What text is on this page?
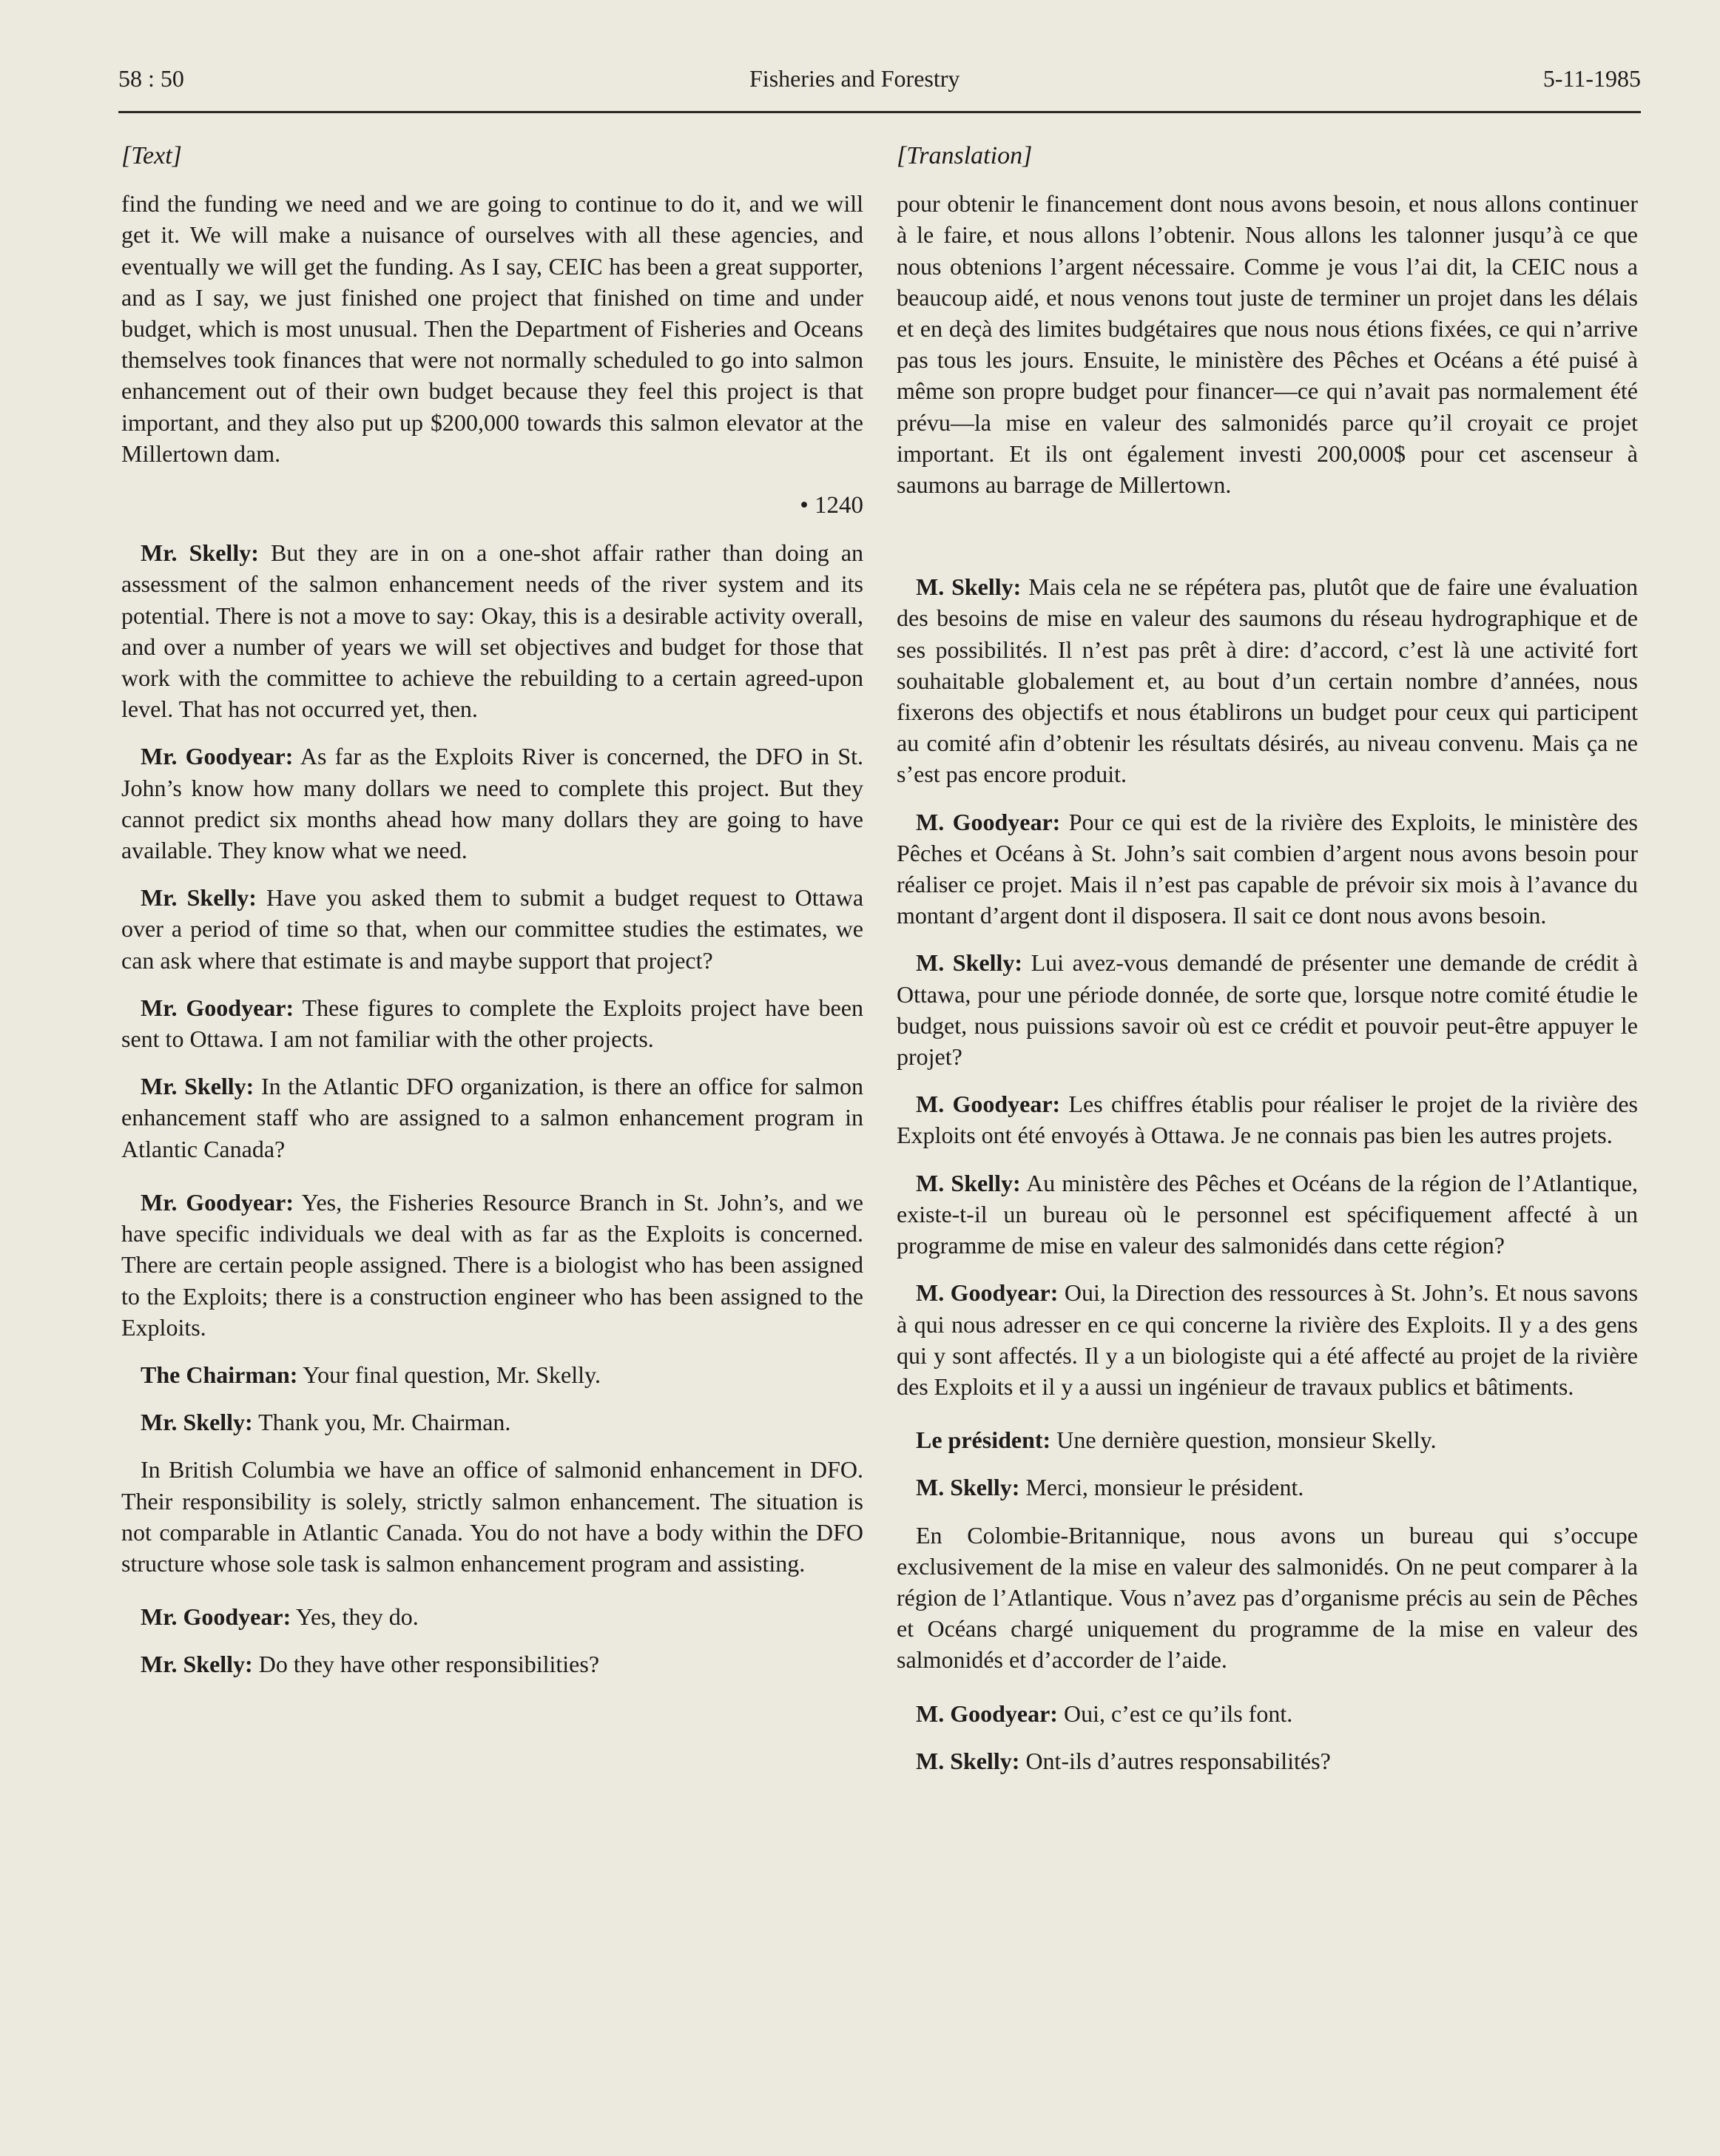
58 : 50	Fisheries and Forestry	5-11-1985

[Text]

find the funding we need and we are going to continue to do it, and we will get it. We will make a nuisance of ourselves with all these agencies, and eventually we will get the funding. As I say, CEIC has been a great supporter, and as I say, we just finished one project that finished on time and under budget, which is most unusual. Then the Department of Fisheries and Oceans themselves took finances that were not normally scheduled to go into salmon enhancement out of their own budget because they feel this project is that important, and they also put up $200,000 towards this salmon elevator at the Millertown dam.

• 1240

Mr. Skelly: But they are in on a one-shot affair rather than doing an assessment of the salmon enhancement needs of the river system and its potential. There is not a move to say: Okay, this is a desirable activity overall, and over a number of years we will set objectives and budget for those that work with the committee to achieve the rebuilding to a certain agreed-upon level. That has not occurred yet, then.

Mr. Goodyear: As far as the Exploits River is concerned, the DFO in St. John’s know how many dollars we need to complete this project. But they cannot predict six months ahead how many dollars they are going to have available. They know what we need.

Mr. Skelly: Have you asked them to submit a budget request to Ottawa over a period of time so that, when our committee studies the estimates, we can ask where that estimate is and maybe support that project?

Mr. Goodyear: These figures to complete the Exploits project have been sent to Ottawa. I am not familiar with the other projects.

Mr. Skelly: In the Atlantic DFO organization, is there an office for salmon enhancement staff who are assigned to a salmon enhancement program in Atlantic Canada?

Mr. Goodyear: Yes, the Fisheries Resource Branch in St. John’s, and we have specific individuals we deal with as far as the Exploits is concerned. There are certain people assigned. There is a biologist who has been assigned to the Exploits; there is a construction engineer who has been assigned to the Exploits.

The Chairman: Your final question, Mr. Skelly.

Mr. Skelly: Thank you, Mr. Chairman.

In British Columbia we have an office of salmonid enhancement in DFO. Their responsibility is solely, strictly salmon enhancement. The situation is not comparable in Atlantic Canada. You do not have a body within the DFO structure whose sole task is salmon enhancement program and assisting.

Mr. Goodyear: Yes, they do.

Mr. Skelly: Do they have other responsibilities?

[Translation]

pour obtenir le financement dont nous avons besoin, et nous allons continuer à le faire, et nous allons l’obtenir. Nous allons les talonner jusqu’à ce que nous obtenions l’argent nécessaire. Comme je vous l’ai dit, la CEIC nous a beaucoup aidé, et nous venons tout juste de terminer un projet dans les délais et en deçà des limites budgétaires que nous nous étions fixées, ce qui n’arrive pas tous les jours. Ensuite, le ministère des Pêches et Océans a été puisé à même son propre budget pour financer—ce qui n’avait pas normalement été prévu—la mise en valeur des salmonidés parce qu’il croyait ce projet important. Et ils ont également investi 200,000$ pour cet ascenseur à saumons au barrage de Millertown.

M. Skelly: Mais cela ne se répétera pas, plutôt que de faire une évaluation des besoins de mise en valeur des saumons du réseau hydrographique et de ses possibilités. Il n’est pas prêt à dire: d’accord, c’est là une activité fort souhaitable globalement et, au bout d’un certain nombre d’années, nous fixerons des objectifs et nous établirons un budget pour ceux qui participent au comité afin d’obtenir les résultats désirés, au niveau convenu. Mais ça ne s’est pas encore produit.

M. Goodyear: Pour ce qui est de la rivière des Exploits, le ministère des Pêches et Océans à St. John’s sait combien d’argent nous avons besoin pour réaliser ce projet. Mais il n’est pas capable de prévoir six mois à l’avance du montant d’argent dont il disposera. Il sait ce dont nous avons besoin.

M. Skelly: Lui avez-vous demandé de présenter une demande de crédit à Ottawa, pour une période donnée, de sorte que, lorsque notre comité étudie le budget, nous puissions savoir où est ce crédit et pouvoir peut-être appuyer le projet?

M. Goodyear: Les chiffres établis pour réaliser le projet de la rivière des Exploits ont été envoyés à Ottawa. Je ne connais pas bien les autres projets.

M. Skelly: Au ministère des Pêches et Océans de la région de l’Atlantique, existe-t-il un bureau où le personnel est spécifiquement affecté à un programme de mise en valeur des salmonidés dans cette région?

M. Goodyear: Oui, la Direction des ressources à St. John’s. Et nous savons à qui nous adresser en ce qui concerne la rivière des Exploits. Il y a des gens qui y sont affectés. Il y a un biologiste qui a été affecté au projet de la rivière des Exploits et il y a aussi un ingénieur de travaux publics et bâtiments.

Le président: Une dernière question, monsieur Skelly.

M. Skelly: Merci, monsieur le président.

En Colombie-Britannique, nous avons un bureau qui s’occupe exclusivement de la mise en valeur des salmonidés. On ne peut comparer à la région de l’Atlantique. Vous n’avez pas d’organisme précis au sein de Pêches et Océans chargé uniquement du programme de la mise en valeur des salmonidés et d’accorder de l’aide.

M. Goodyear: Oui, c’est ce qu’ils font.

M. Skelly: Ont-ils d’autres responsabilités?
